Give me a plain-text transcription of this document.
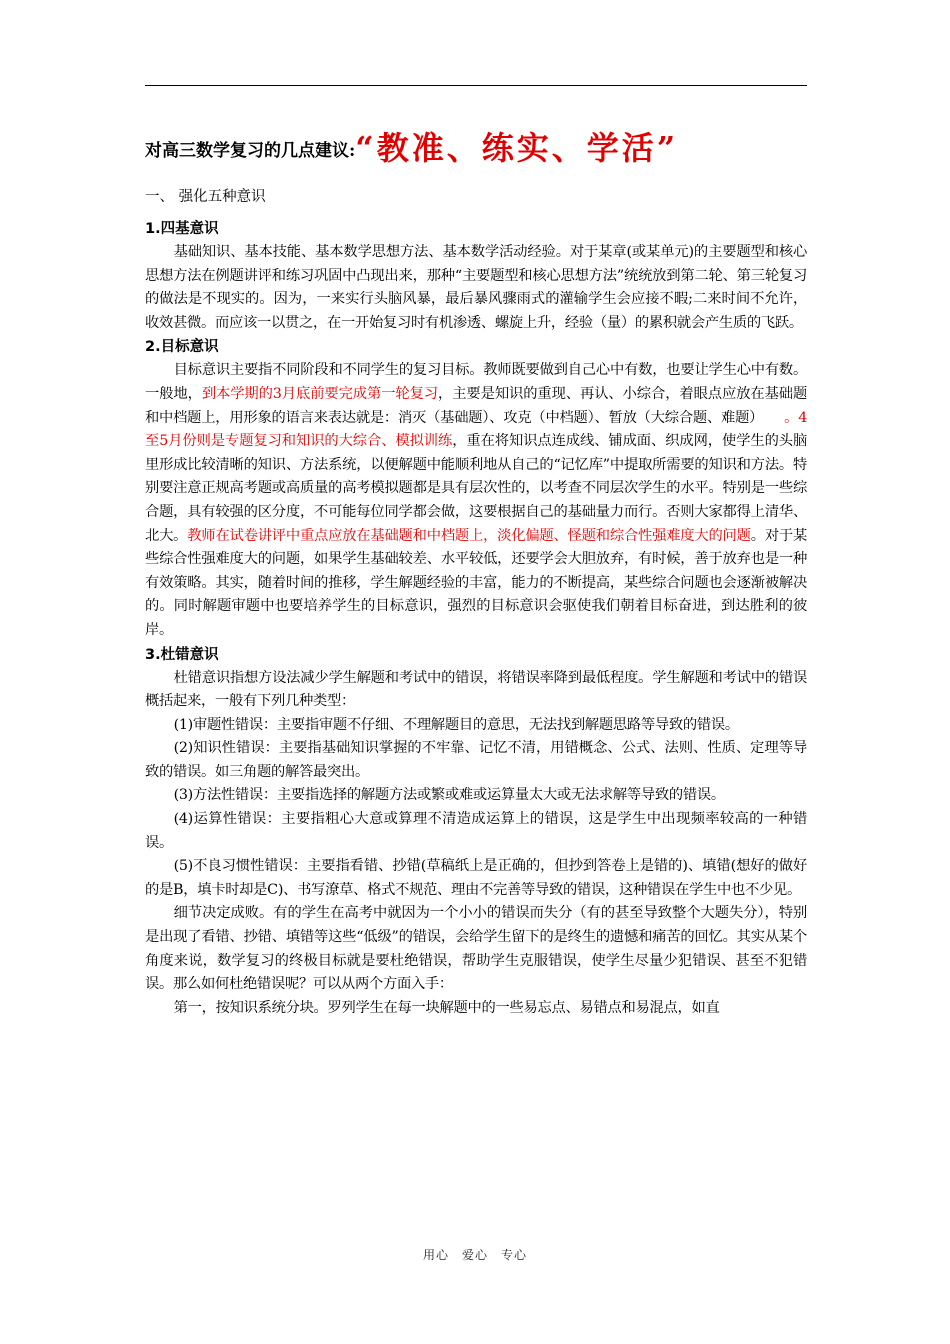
对高三数学复习的几点建议:“教准、练实、学活”
一、 强化五种意识
1.四基意识

基础知识、基本技能、基本数学思想方法、基本数学活动经验。对于某章(或某单元)的主要题型和核心思想方法在例题讲评和练习巩固中凸现出来，那种“主要题型和核心思想方法”统统放到第二轮、第三轮复习的做法是不现实的。因为，一来实行头脑风暴，最后暴风骤雨式的灌输学生会应接不暇;二来时间不允许，收效甚微。而应该一以贯之，在一开始复习时有机渗透、螺旋上升，经验（量）的累积就会产生质的飞跃。

2.目标意识

目标意识主要指不同阶段和不同学生的复习目标。教师既要做到自己心中有数，也要让学生心中有数。一般地，到本学期的3月底前要完成第一轮复习，主要是知识的重现、再认、小综合，着眼点应放在基础题和中档题上，用形象的语言来表达就是：消灭（基础题）、攻克（中档题）、暂放（大综合题、难题）　　。4至5月份则是专题复习和知识的大综合、模拟训练，重在将知识点连成线、铺成面、织成网，使学生的头脑里形成比较清晰的知识、方法系统，以便解题中能顺利地从自己的“记忆库”中提取所需要的知识和方法。特别要注意正规高考题或高质量的高考模拟题都是具有层次性的，以考查不同层次学生的水平。特别是一些综合题，具有较强的区分度，不可能每位同学都会做，这要根据自己的基础量力而行。否则大家都得上清华、北大。教师在试卷讲评中重点应放在基础题和中档题上，淡化偏题、怪题和综合性强难度大的问题。对于某些综合性强难度大的问题，如果学生基础较差、水平较低，还要学会大胆放弃，有时候，善于放弃也是一种有效策略。其实，随着时间的推移，学生解题经验的丰富，能力的不断提高，某些综合问题也会逐渐被解决的。同时解题审题中也要培养学生的目标意识，强烈的目标意识会驱使我们朝着目标奋进，到达胜利的彼岸。

3.杜错意识

杜错意识指想方设法减少学生解题和考试中的错误，将错误率降到最低程度。学生解题和考试中的错误概括起来，一般有下列几种类型：

(1)审题性错误：主要指审题不仔细、不理解题目的意思，无法找到解题思路等导致的错误。

(2)知识性错误：主要指基础知识掌握的不牢靠、记忆不清，用错概念、公式、法则、性质、定理等导致的错误。如三角题的解答最突出。

(3)方法性错误：主要指选择的解题方法或繁或难或运算量太大或无法求解等导致的错误。

(4)运算性错误：主要指粗心大意或算理不清造成运算上的错误，这是学生中出现频率较高的一种错误。

(5)不良习惯性错误：主要指看错、抄错(草稿纸上是正确的，但抄到答卷上是错的)、填错(想好的做好的是B，填卡时却是C)、书写潦草、格式不规范、理由不完善等导致的错误，这种错误在学生中也不少见。

细节决定成败。有的学生在高考中就因为一个小小的错误而失分（有的甚至导致整个大题失分），特别是出现了看错、抄错、填错等这些“低级”的错误，会给学生留下的是终生的遗憾和痛苦的回忆。其实从某个角度来说，数学复习的终极目标就是要杜绝错误，帮助学生克服错误，使学生尽量少犯错误、甚至不犯错误。那么如何杜绝错误呢？可以从两个方面入手：

第一，按知识系统分块。罗列学生在每一块解题中的一些易忘点、易错点和易混点，如直

用心　爱心　专心
